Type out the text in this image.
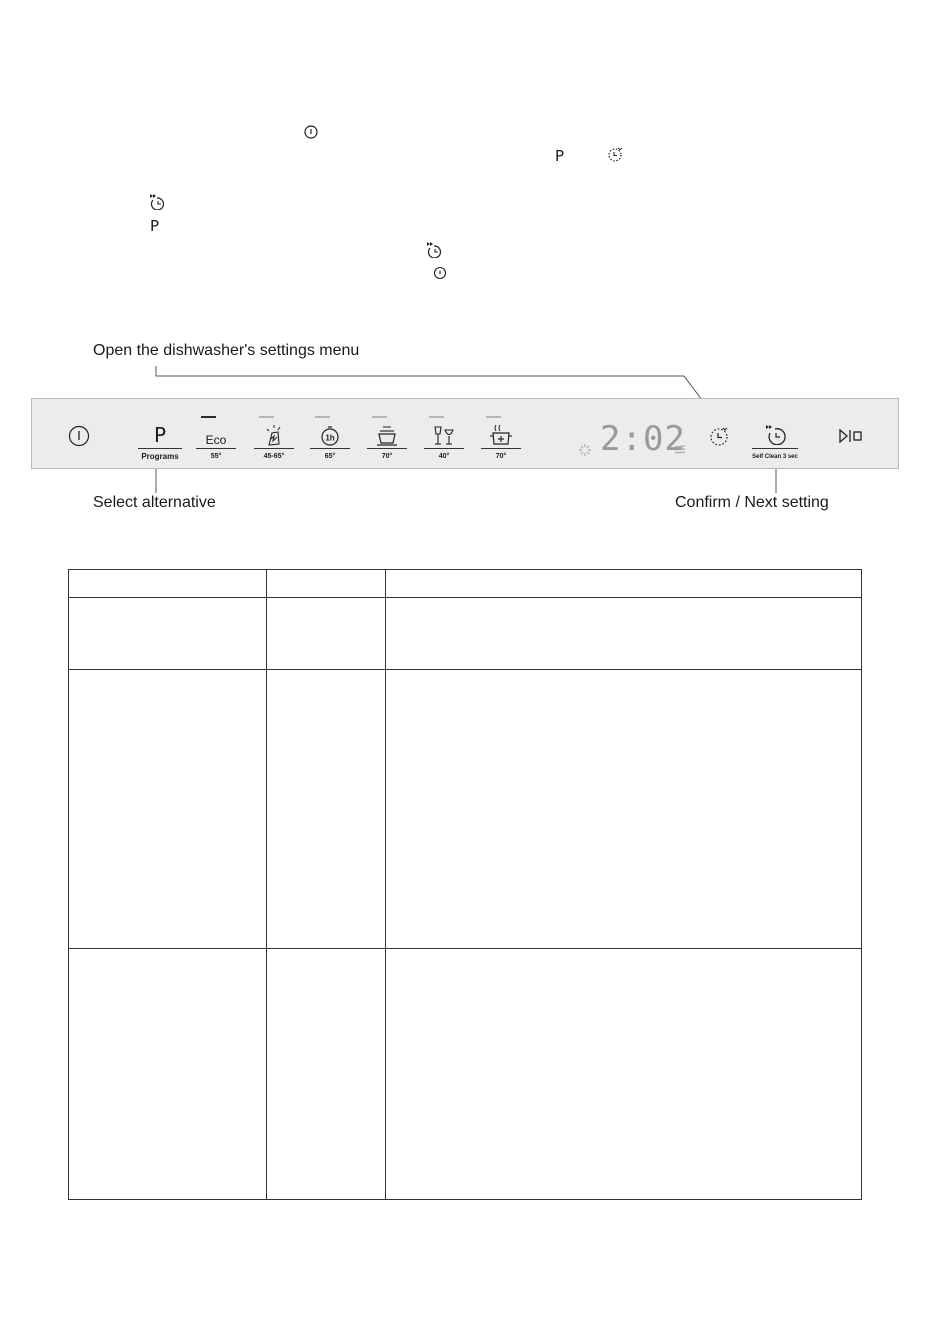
P
P
Open the dishwasher's settings menu
Select alternative	Confirm / Next setting
P
Programs
Eco
55°	45-65°
1h
65°	70°	40°	70°	2:02	Self Clean 3 sec
